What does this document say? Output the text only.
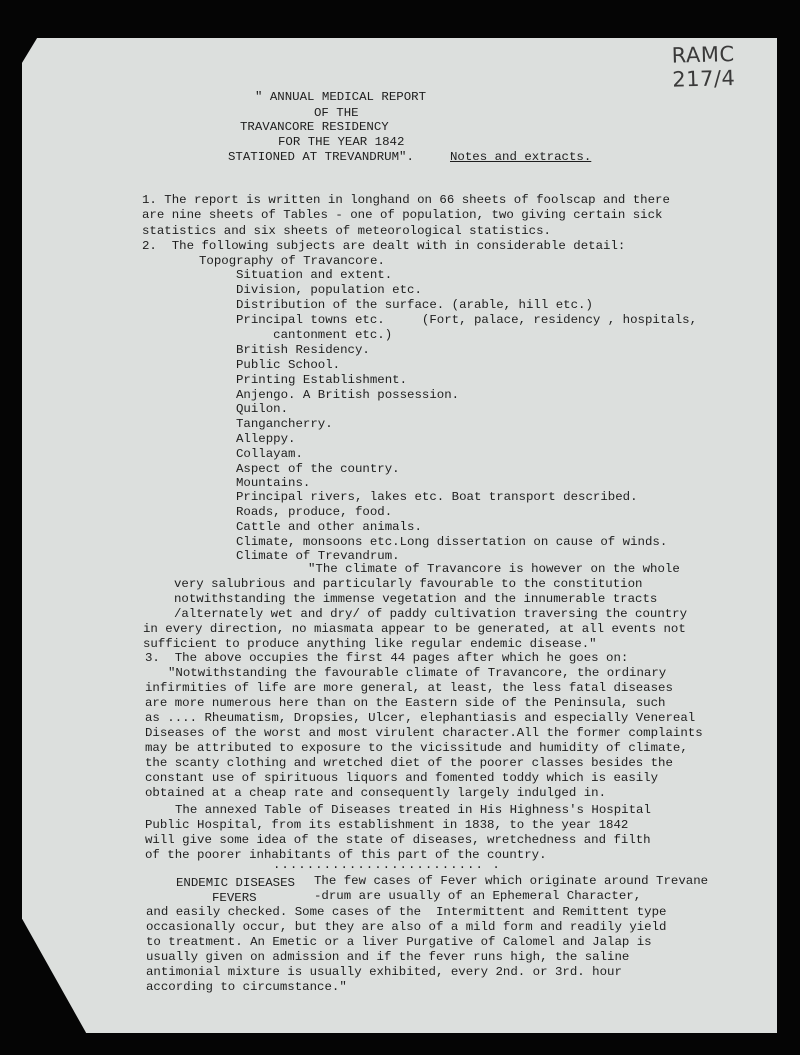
RAMC 217/4
" ANNUAL MEDICAL REPORT
OF THE
TRAVANCORE RESIDENCY
FOR THE YEAR 1842
STATIONED AT TREVANDRUM".	Notes and extracts.
1. The report is written in longhand on 66 sheets of foolscap and there
are nine sheets of Tables - one of population, two giving certain sick
statistics and six sheets of meteorological statistics.
2.  The following subjects are dealt with in considerable detail:
Topography of Travancore.
Situation and extent.
Division, population etc.
Distribution of the surface. (arable, hill etc.)
Principal towns etc.     (Fort, palace, residency , hospitals,
cantonment etc.)
British Residency.
Public School.
Printing Establishment.
Anjengo. A British possession.
Quilon.
Tangancherry.
Alleppy.
Collayam.
Aspect of the country.
Mountains.
Principal rivers, lakes etc. Boat transport described.
Roads, produce, food.
Cattle and other animals.
Climate, monsoons etc.Long dissertation on cause of winds.
Climate of Trevandrum.
"The climate of Travancore is however on the whole
very salubrious and particularly favourable to the constitution
notwithstanding the immense vegetation and the innumerable tracts
/alternately wet and dry/ of paddy cultivation traversing the country
in every direction, no miasmata appear to be generated, at all events not
sufficient to produce anything like regular endemic disease."
3.  The above occupies the first 44 pages after which he goes on:
"Notwithstanding the favourable climate of Travancore, the ordinary
infirmities of life are more general, at least, the less fatal diseases
are more numerous here than on the Eastern side of the Peninsula, such
as .... Rheumatism, Dropsies, Ulcer, elephantiasis and especially Venereal
Diseases of the worst and most virulent character.All the former complaints
may be attributed to exposure to the vicissitude and humidity of climate,
the scanty clothing and wretched diet of the poorer classes besides the
constant use of spirituous liquors and fomented toddy which is easily
obtained at a cheap rate and consequently largely indulged in.
The annexed Table of Diseases treated in His Highness's Hospital
Public Hospital, from its establishment in 1838, to the year 1842
will give some idea of the state of diseases, wretchedness and filth
of the poorer inhabitants of this part of the country.
......................... .
ENDEMIC DISEASES
FEVERS
The few cases of Fever which originate around Trevane
-drum are usually of an Ephemeral Character,
and easily checked. Some cases of the  Intermittent and Remittent type
occasionally occur, but they are also of a mild form and readily yield
to treatment. An Emetic or a liver Purgative of Calomel and Jalap is
usually given on admission and if the fever runs high, the saline
antimonial mixture is usually exhibited, every 2nd. or 3rd. hour
according to circumstance."
